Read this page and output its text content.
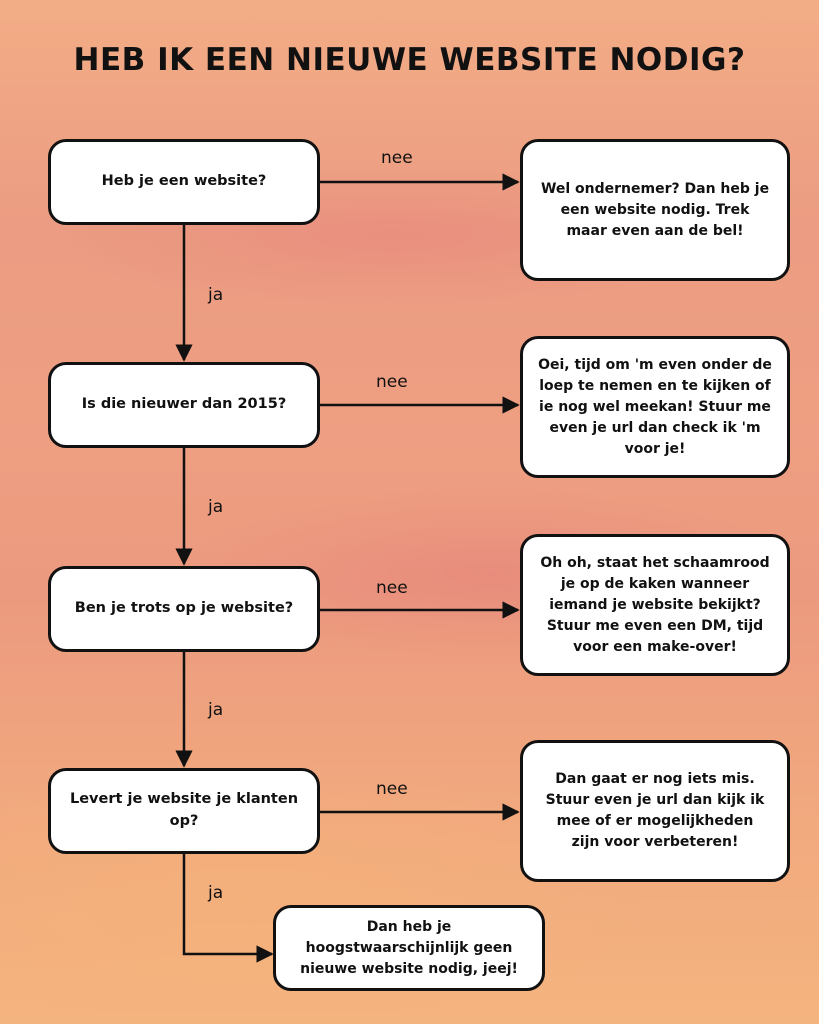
HEB IK EEN NIEUWE WEBSITE NODIG?
Heb je een website?
Is die nieuwer dan 2015?
Ben je trots op je website?
Levert je website je klanten op?
Wel ondernemer? Dan heb je een website nodig. Trek maar even aan de bel!
Oei, tijd om 'm even onder de loep te nemen en te kijken of ie nog wel meekan! Stuur me even je url dan check ik 'm voor je!
Oh oh, staat het schaamrood je op de kaken wanneer iemand je website bekijkt? Stuur me even een DM, tijd voor een make-over!
Dan gaat er nog iets mis. Stuur even je url dan kijk ik mee of er mogelijkheden zijn voor verbeteren!
Dan heb je hoogstwaarschijnlijk geen nieuwe website nodig, jeej!
nee
nee
nee
nee
ja
ja
ja
ja
